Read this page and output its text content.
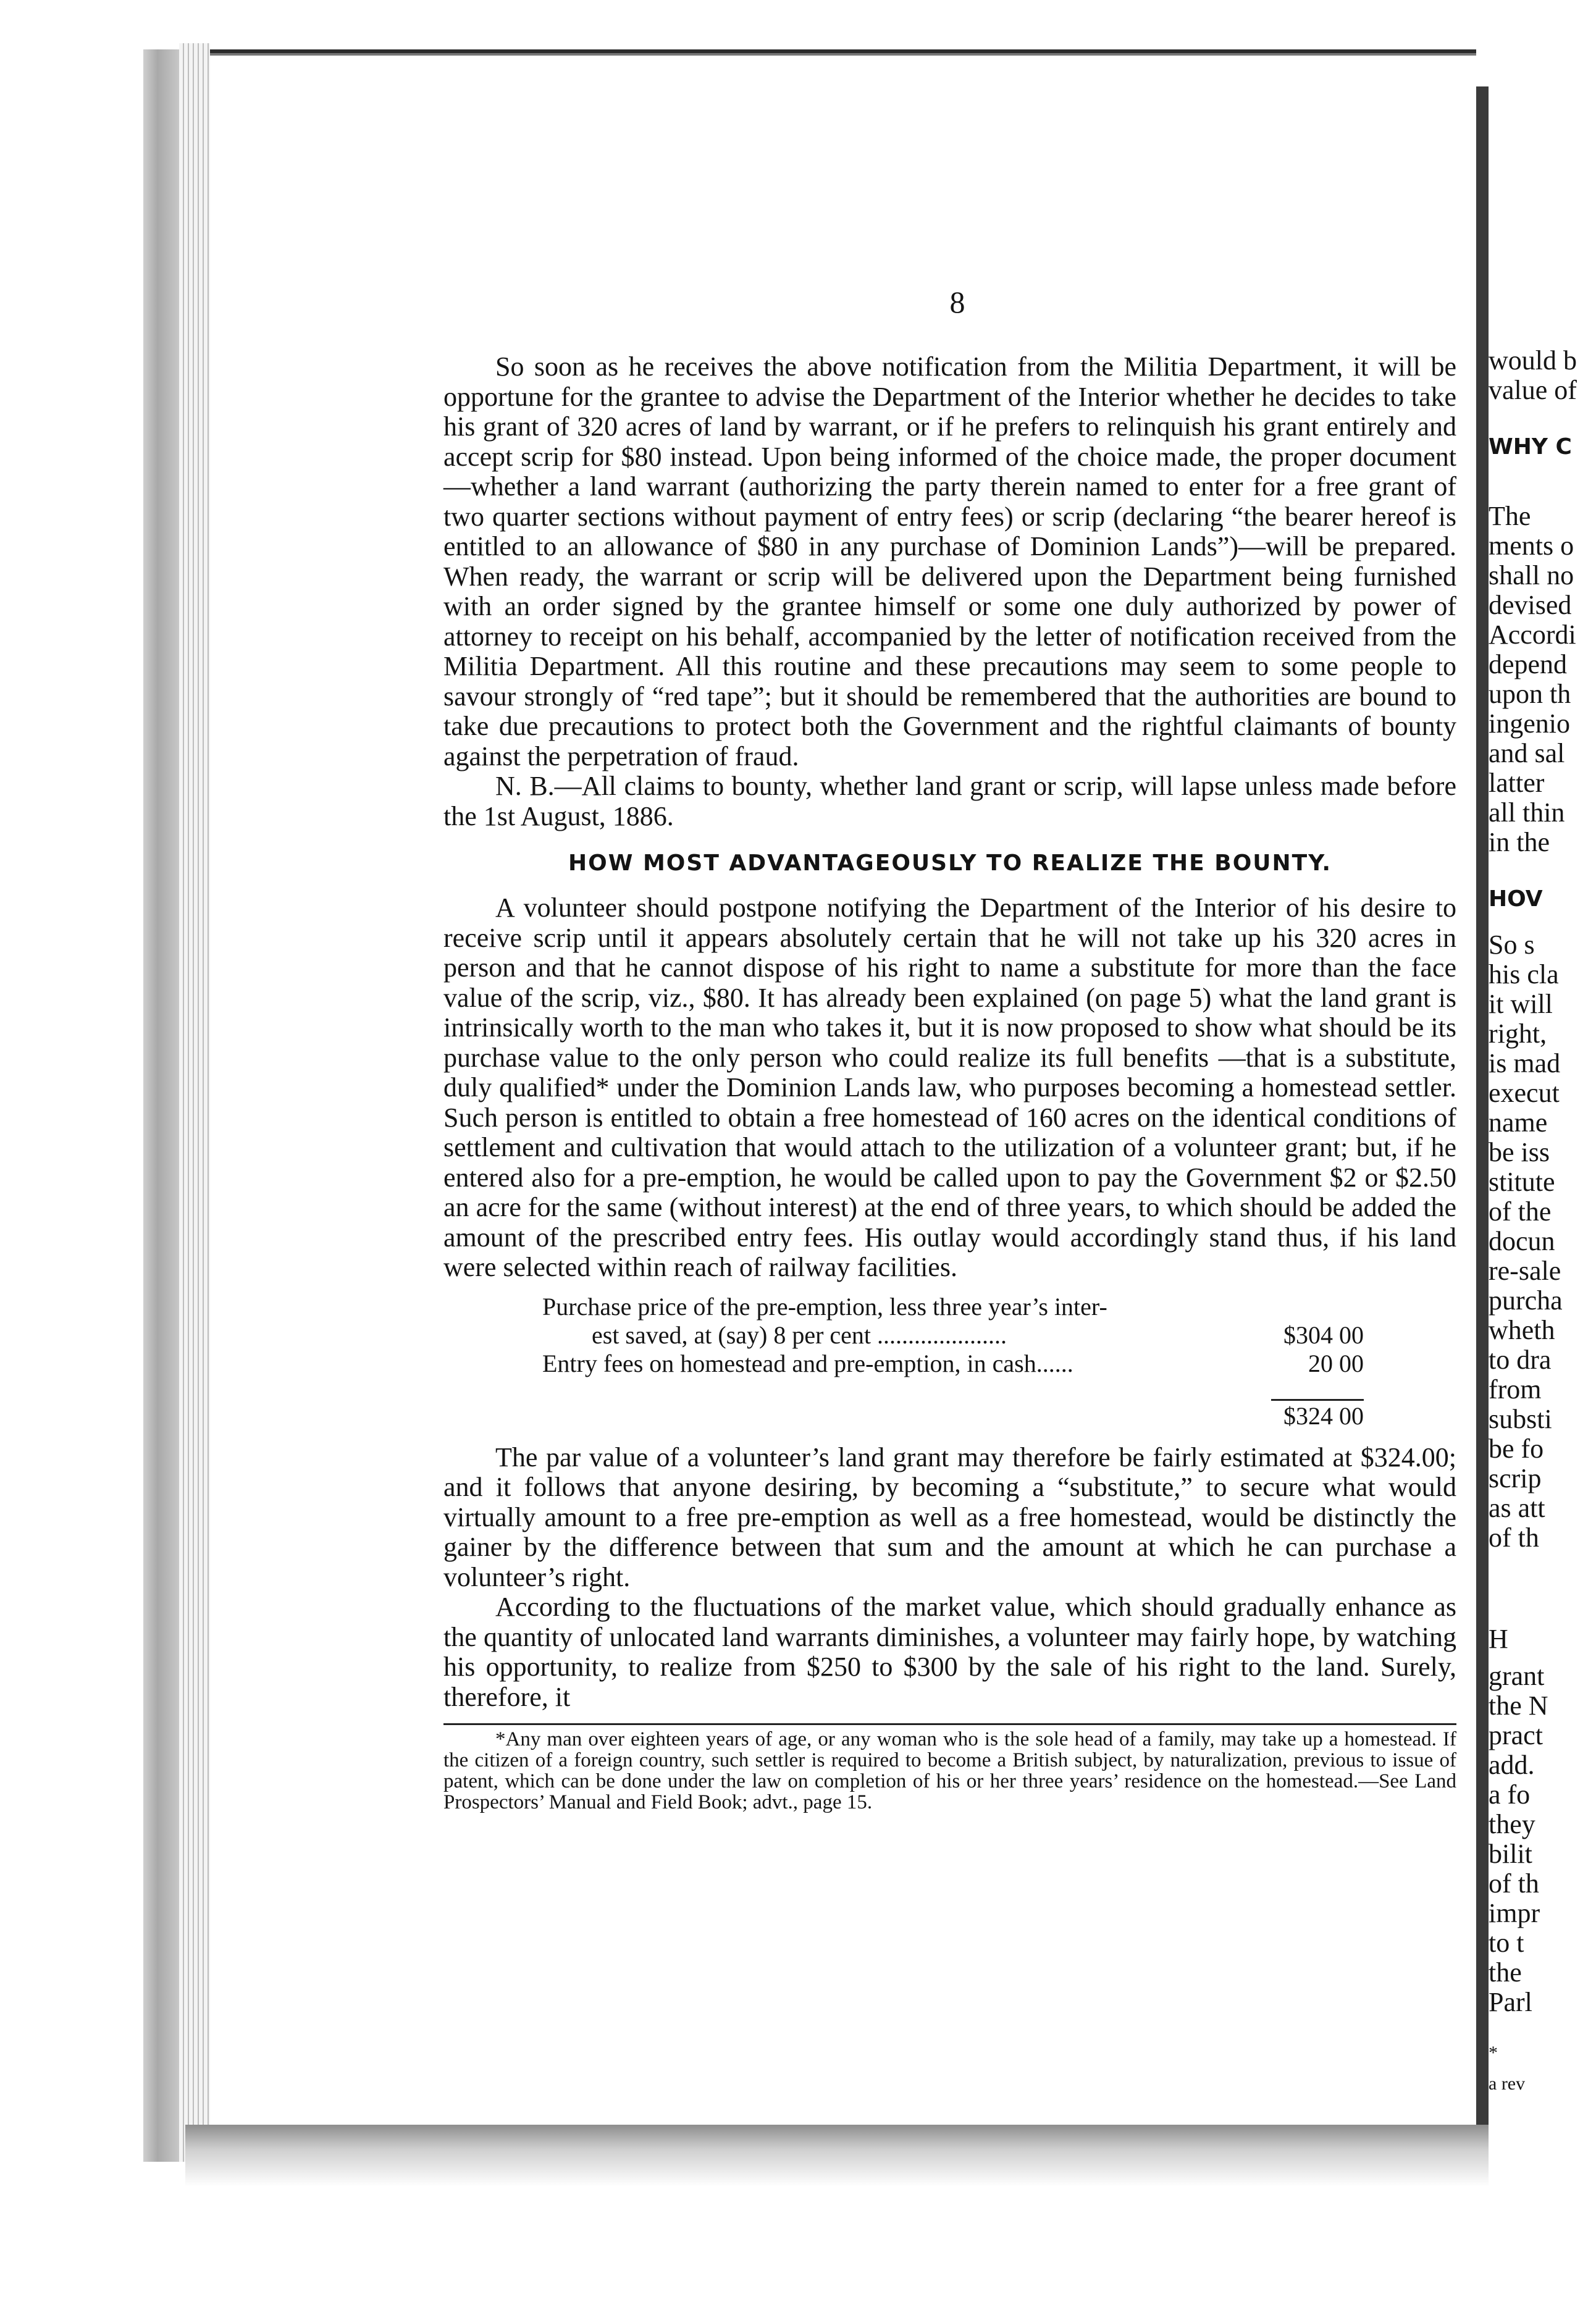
8

So soon as he receives the above notification from the Militia Department, it will be opportune for the grantee to advise the Department of the Interior whether he decides to take his grant of 320 acres of land by warrant, or if he prefers to relinquish his grant entirely and accept scrip for $80 instead. Upon being informed of the choice made, the proper document—whether a land warrant (authorizing the party therein named to enter for a free grant of two quarter sections without payment of entry fees) or scrip (declaring “the bearer hereof is entitled to an allowance of $80 in any purchase of Dominion Lands”)—will be prepared. When ready, the warrant or scrip will be delivered upon the Department being furnished with an order signed by the grantee himself or some one duly authorized by power of attorney to receipt on his behalf, accompanied by the letter of notification received from the Militia Department. All this routine and these precautions may seem to some people to savour strongly of “red tape”; but it should be remembered that the authorities are bound to take due precautions to protect both the Government and the rightful claimants of bounty against the perpetration of fraud.

N. B.—All claims to bounty, whether land grant or scrip, will lapse unless made before the 1st August, 1886.

HOW MOST ADVANTAGEOUSLY TO REALIZE THE BOUNTY.

A volunteer should postpone notifying the Department of the Interior of his desire to receive scrip until it appears absolutely certain that he will not take up his 320 acres in person and that he cannot dispose of his right to name a substitute for more than the face value of the scrip, viz., $80. It has already been explained (on page 5) what the land grant is intrinsically worth to the man who takes it, but it is now proposed to show what should be its purchase value to the only person who could realize its full benefits —that is a substitute, duly qualified* under the Dominion Lands law, who purposes becoming a homestead settler. Such person is entitled to obtain a free homestead of 160 acres on the identical conditions of settlement and cultivation that would attach to the utilization of a volunteer grant; but, if he entered also for a pre-emption, he would be called upon to pay the Government $2 or $2.50 an acre for the same (without interest) at the end of three years, to which should be added the amount of the prescribed entry fees. His outlay would accordingly stand thus, if his land were selected within reach of railway facilities.

Purchase price of the pre-emption, less three year’s inter-
est saved, at (say) 8 per cent .....................	$304 00
Entry fees on homestead and pre-emption, in cash......	20 00
$324 00

The par value of a volunteer’s land grant may therefore be fairly estimated at $324.00; and it follows that anyone desiring, by becoming a “substitute,” to secure what would virtually amount to a free pre-emption as well as a free homestead, would be distinctly the gainer by the difference between that sum and the amount at which he can purchase a volunteer’s right.

According to the fluctuations of the market value, which should gradually enhance as the quantity of unlocated land warrants diminishes, a volunteer may fairly hope, by watching his opportunity, to realize from $250 to $300 by the sale of his right to the land. Surely, therefore, it

*Any man over eighteen years of age, or any woman who is the sole head of a family, may take up a homestead. If the citizen of a foreign country, such settler is required to become a British subject, by naturalization, previous to issue of patent, which can be done under the law on completion of his or her three years’ residence on the homestead.—See Land Prospectors’ Manual and Field Book; advt., page 15.

would b
value of
WHY C
The
ments o
shall no
devised
Accordi
depend
upon th
ingenio
and sal
latter
all thin
in the
HOV
So s
his cla
it will
right,
is mad
execut
name
be iss
stitute
of the
docun
re-sale
purcha
wheth
to dra
from
substi
be fo
scrip
as att
of th
H
grant
the N
pract
add.
a fo
they
bilit
of th
impr
to t
the
Parl
*
a rev
